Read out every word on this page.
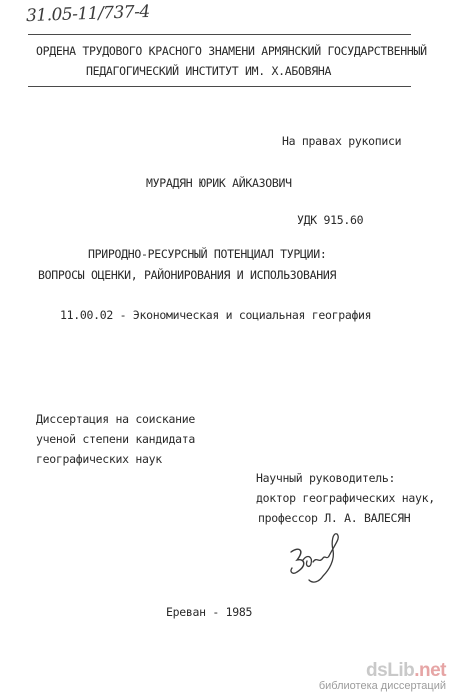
31.05-11/737-4
ОРДЕНА ТРУДОВОГО КРАСНОГО ЗНАМЕНИ АРМЯНСКИЙ ГОСУДАРСТВЕННЫЙ
ПЕДАГОГИЧЕСКИЙ ИНСТИТУТ ИМ. Х.АБОВЯНА
На правах рукописи
МУРАДЯН ЮРИК АЙКАЗОВИЧ
УДК 915.60
ПРИРОДНО-РЕСУРСНЫЙ ПОТЕНЦИАЛ ТУРЦИИ:
ВОПРОСЫ ОЦЕНКИ, РАЙОНИРОВАНИЯ И ИСПОЛЬЗОВАНИЯ
11.00.02 - Экономическая и социальная география
Диссертация на соискание
ученой степени кандидата
географических наук
Научный руководитель:
доктор географических наук,
профессор Л. А. ВАЛЕСЯН
Ереван - 1985
dsLib.net
библиотека диссертаций
